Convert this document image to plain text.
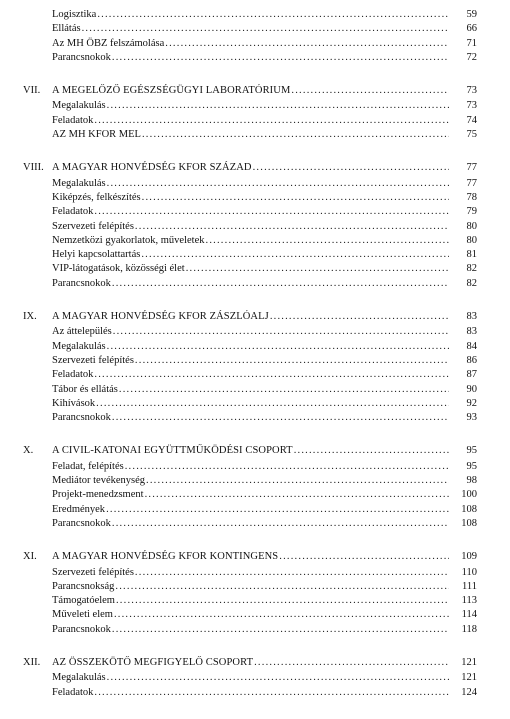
Logisztika .....	59
Ellátás .....	66
Az MH ÖBZ felszámolása .....	71
Parancsnokok .....	72
VII.	A MEGELŐZŐ EGÉSZSÉGÜGYI LABORATÓRIUM .....	73
Megalakulás .....	73
Feladatok .....	74
AZ MH KFOR MEL .....	75
VIII. A MAGYAR HONVÉDSÉG KFOR SZÁZAD .....	77
Megalakulás .....	77
Kiképzés, felkészítés .....	78
Feladatok .....	79
Szervezeti felépítés .....	80
Nemzetközi gyakorlatok, műveletek .....	80
Helyi kapcsolattartás .....	81
VIP-látogatások, közösségi élet .....	82
Parancsnokok .....	82
IX.	A MAGYAR HONVÉDSÉG KFOR ZÁSZLÓALJ .....	83
Az áttelepülés .....	83
Megalakulás .....	84
Szervezeti felépítés .....	86
Feladatok .....	87
Tábor és ellátás .....	90
Kihívások .....	92
Parancsnokok .....	93
X.	A CIVIL-KATONAI EGYÜTTMŰKÖDÉSI CSOPORT .....	95
Feladat, felépítés .....	95
Mediátor tevékenység .....	98
Projekt-menedzsment .....	100
Eredmények .....	108
Parancsnokok .....	108
XI.	A MAGYAR HONVÉDSÉG KFOR KONTINGENS .....	109
Szervezeti felépítés .....	110
Parancsnokság .....	111
Támogatóelem .....	113
Műveleti elem .....	114
Parancsnokok .....	118
XII.	AZ ÖSSZEKÖTŐ MEGFIGYELŐ CSOPORT .....	121
Megalakulás .....	121
Feladatok .....	124
